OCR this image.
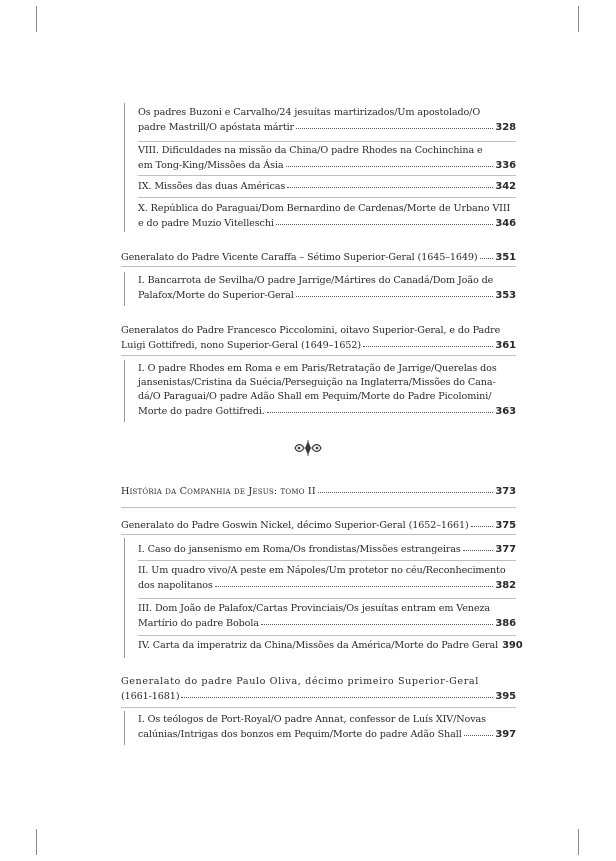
Os padres Buzoni e Carvalho/24 jesuítas martirizados/Um apostolado/O
padre Mastrill/O apóstata mártir	328
VIII. Dificuldades na missão da China/O padre Rhodes na Cochinchina e
em Tong-King/Missões da Ásia	336
IX. Missões das duas Américas	342
X. República do Paraguai/Dom Bernardino de Cardenas/Morte de Urbano VIII
e do padre Muzio Vitelleschi	346
Generalato do Padre Vicente Caraffa – Sétimo Superior-Geral (1645–1649) 351
I. Bancarrota de Sevilha/O padre Jarrige/Mártires do Canadá/Dom João de
Palafox/Morte do Superior-Geral	353
Generalatos do Padre Francesco Piccolomini, oitavo Superior-Geral, e do Padre
Luigi Gottifredi, nono Superior-Geral (1649–1652)	361
I. O padre Rhodes em Roma e em Paris/Retratação de Jarrige/Querelas dos
jansenistas/Cristina da Suécia/Perseguição na Inglaterra/Missões do Cana-
dá/O Paraguai/O padre Adão Shall em Pequim/Morte do Padre Picolomini/
Morte do padre Gottifredi.	363
História da Companhia de Jesus: tomo II	373
Generalato do Padre Goswin Nickel, décimo Superior-Geral (1652–1661)	375
I. Caso do jansenismo em Roma/Os frondistas/Missões estrangeiras	377
II. Um quadro vivo/A peste em Nápoles/Um protetor no céu/Reconhecimento
dos napolitanos	382
III. Dom João de Palafox/Cartas Provinciais/Os jesuítas entram em Veneza
Martírio do padre Bobola	386
IV. Carta da imperatriz da China/Missões da América/Morte do Padre Geral 390
Generalato do padre Paulo Oliva, décimo primeiro Superior-Geral
(1661-1681)	395
I. Os teólogos de Port-Royal/O padre Annat, confessor de Luís XIV/Novas
calúnias/Intrigas dos bonzos em Pequim/Morte do padre Adão Shall	397
